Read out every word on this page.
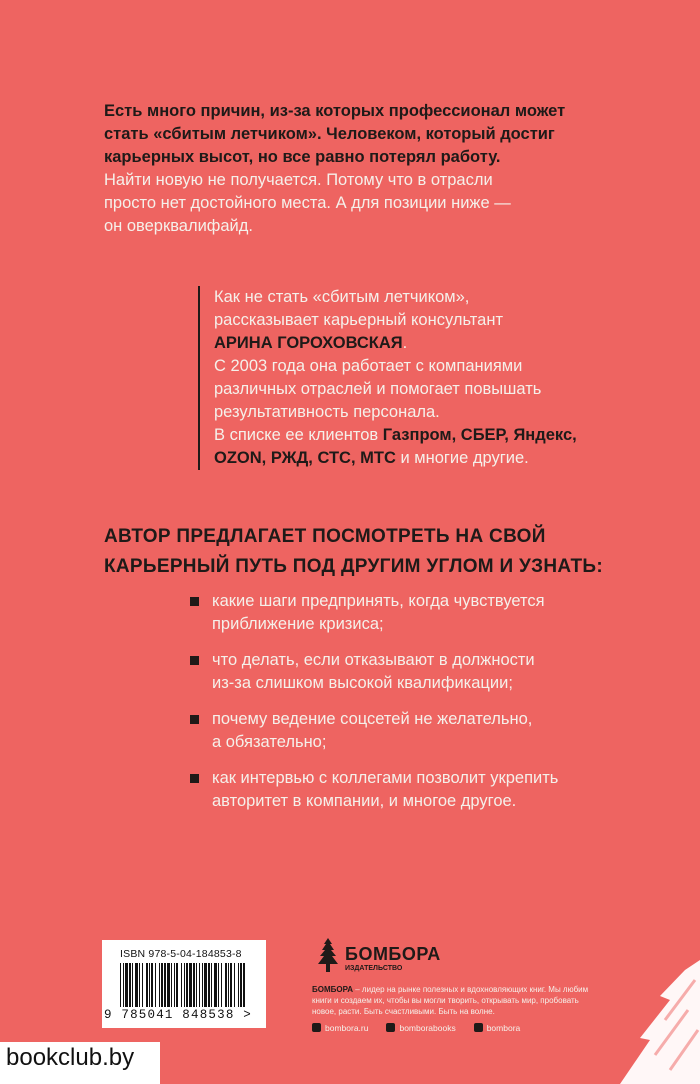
Есть много причин, из-за которых профессионал может
стать «сбитым летчиком». Человеком, который достиг
карьерных высот, но все равно потерял работу.
Найти новую не получается. Потому что в отрасли
просто нет достойного места. А для позиции ниже —
он оверквалифайд.
Как не стать «сбитым летчиком»,
рассказывает карьерный консультант
АРИНА ГОРОХОВСКАЯ.
С 2003 года она работает с компаниями
различных отраслей и помогает повышать
результативность персонала.
В списке ее клиентов Газпром, СБЕР, Яндекс,
OZON, РЖД, СТС, МТС и многие другие.
АВТОР ПРЕДЛАГАЕТ ПОСМОТРЕТЬ НА СВОЙ
КАРЬЕРНЫЙ ПУТЬ ПОД ДРУГИМ УГЛОМ И УЗНАТЬ:
какие шаги предпринять, когда чувствуется
приближение кризиса;
что делать, если отказывают в должности
из-за слишком высокой квалификации;
почему ведение соцсетей не желательно,
а обязательно;
как интервью с коллегами позволит укрепить
авторитет в компании, и многое другое.
ISBN 978-5-04-184853-8
9 785041 848538 >
БОМБОРА
ИЗДАТЕЛЬСТВО
БОМБОРА – лидер на рынке полезных и вдохновляющих книг. Мы любим книги и создаем их, чтобы вы могли творить, открывать мир, пробовать новое, расти. Быть счастливыми. Быть на волне.
bombora.ru	bomborabooks	bombora
bookclub.by
